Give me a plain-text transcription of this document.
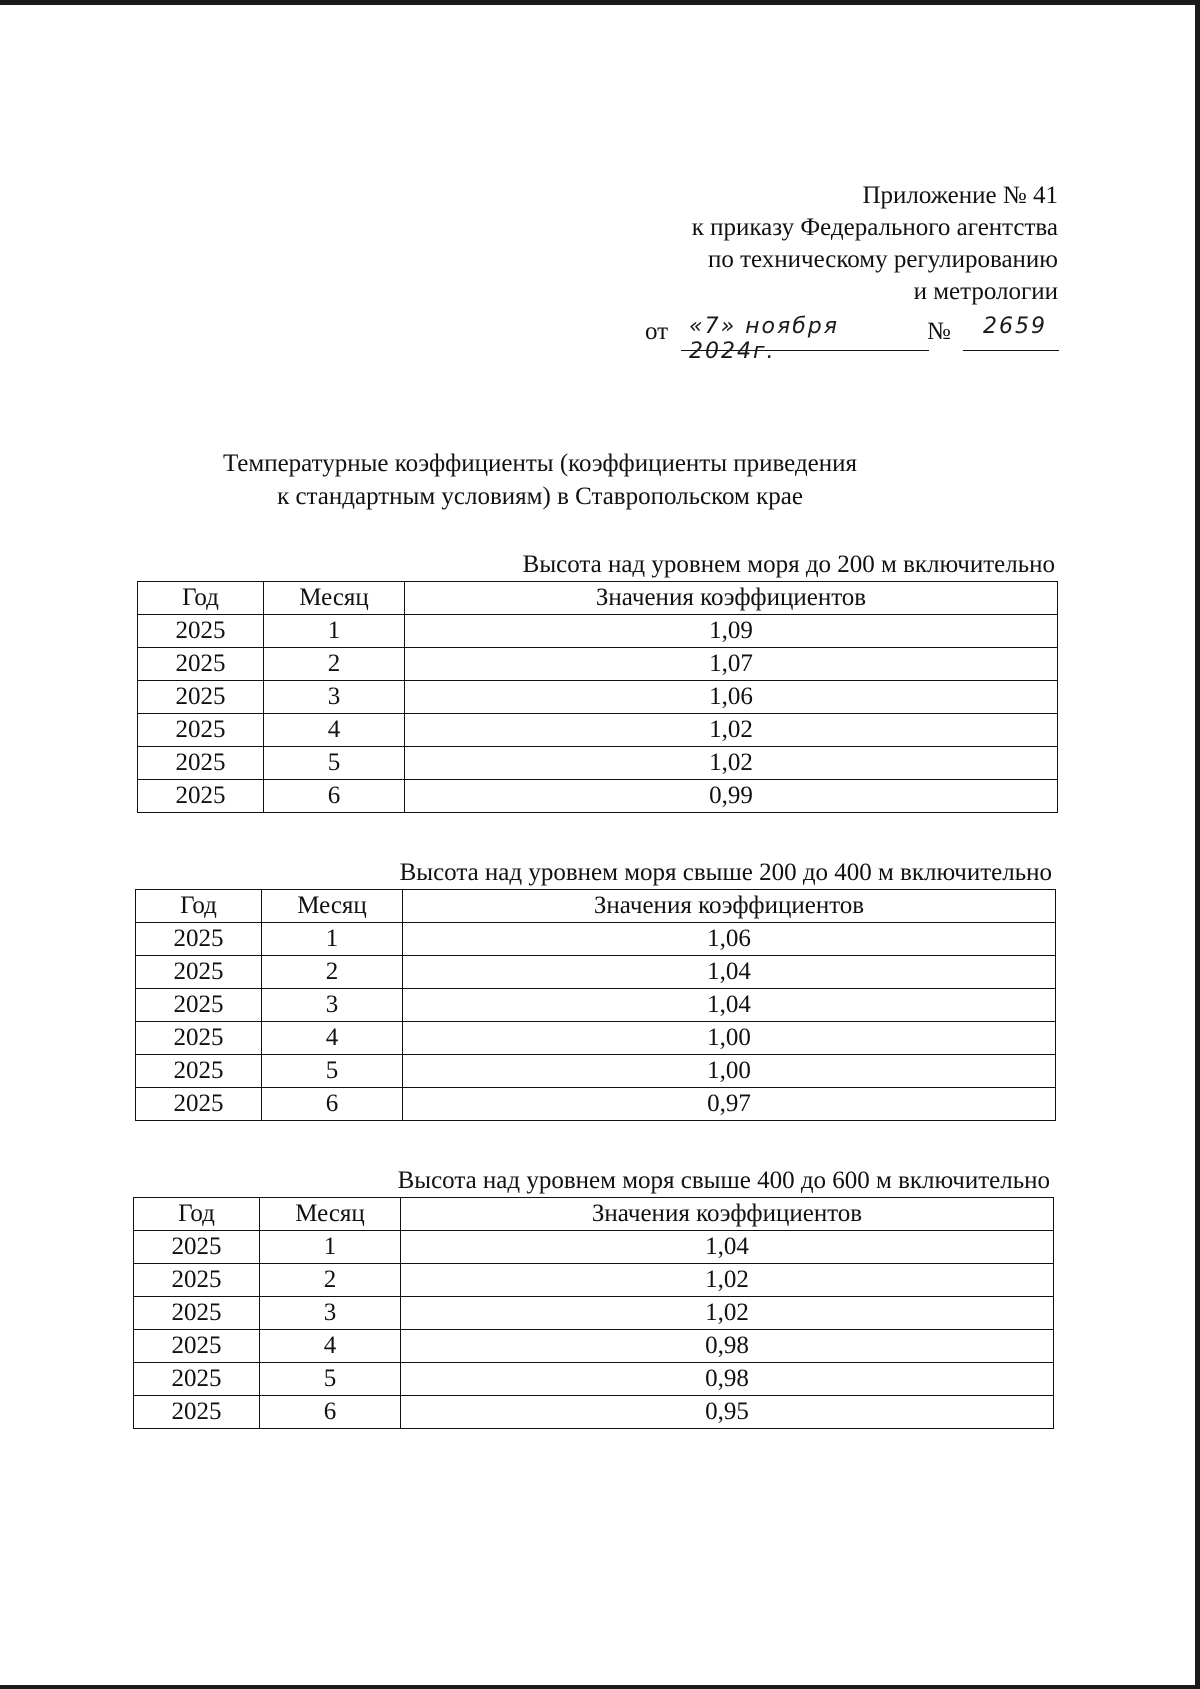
Приложение № 41
к приказу Федерального агентства
по техническому регулированию
и метрологии
от «7» ноября 2024г.
№ 2659
Температурные коэффициенты (коэффициенты приведения
к стандартным условиям) в Ставропольском крае
Высота над уровнем моря до 200 м включительно
Год	Месяц	Значения коэффициентов
2025	1	1,09
2025	2	1,07
2025	3	1,06
2025	4	1,02
2025	5	1,02
2025	6	0,99
Высота над уровнем моря свыше 200 до 400 м включительно
Год	Месяц	Значения коэффициентов
2025	1	1,06
2025	2	1,04
2025	3	1,04
2025	4	1,00
2025	5	1,00
2025	6	0,97
Высота над уровнем моря свыше 400 до 600 м включительно
Год	Месяц	Значения коэффициентов
2025	1	1,04
2025	2	1,02
2025	3	1,02
2025	4	0,98
2025	5	0,98
2025	6	0,95
